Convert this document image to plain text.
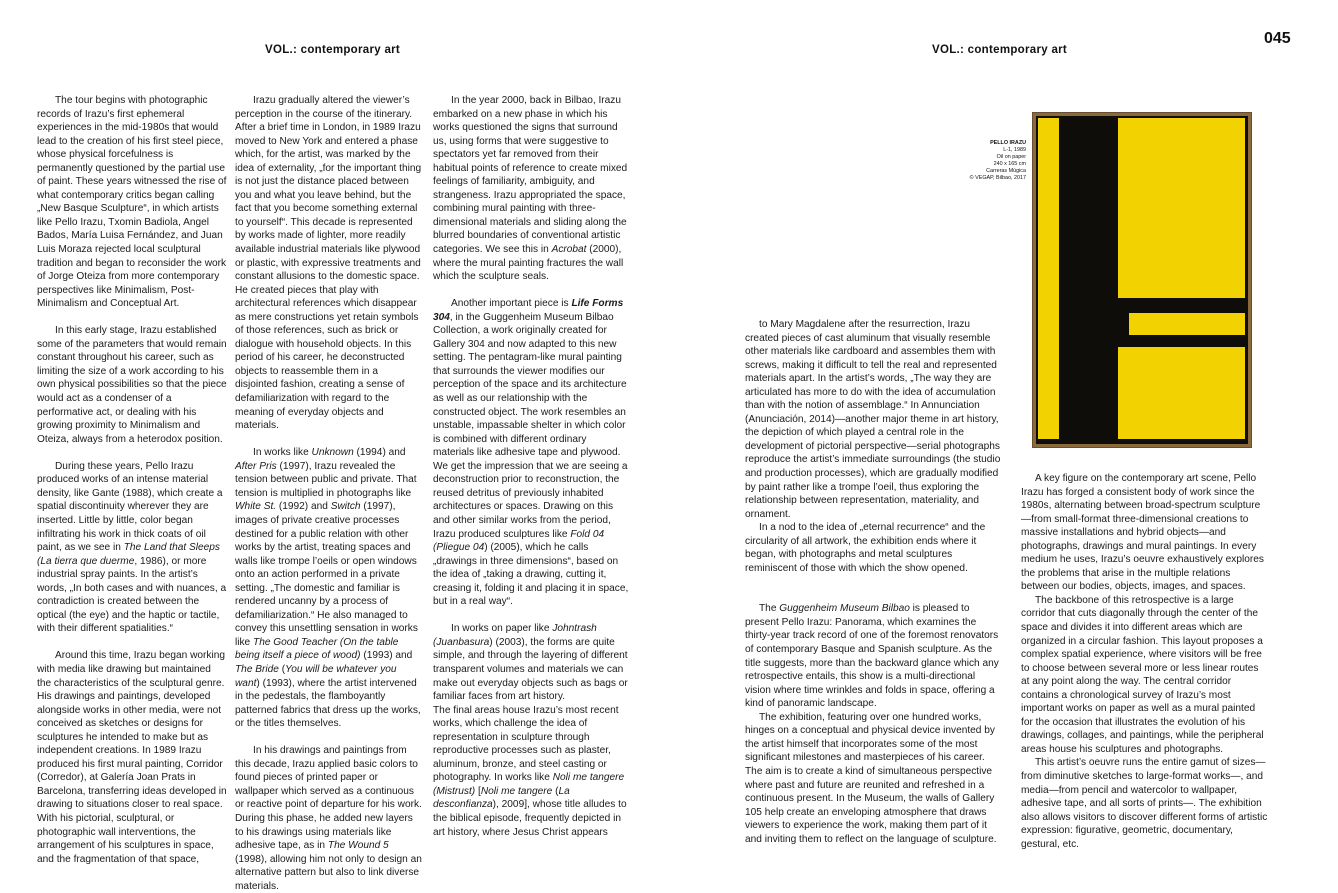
VOL.: contemporary art	VOL.: contemporary art
045

The tour begins with photographic records of Irazu’s first ephemeral experiences in the mid-1980s that would lead to the creation of his first steel piece, whose physical forcefulness is permanently questioned by the partial use of paint. These years witnessed the rise of what contemporary critics began calling „New Basque Sculpture“, in which artists like Pello Irazu, Txomin Badiola, Angel Bados, María Luisa Fernández, and Juan Luis Moraza rejected local sculptural tradition and began to reconsider the work of Jorge Oteiza from more contemporary perspectives like Minimalism, Post- Minimalism and Conceptual Art.

In this early stage, Irazu established some of the parameters that would remain constant throughout his career, such as limiting the size of a work according to his own physical possibilities so that the piece would act as a condenser of a performative act, or dealing with his growing proximity to Minimalism and Oteiza, always from a heterodox position.

During these years, Pello Irazu produced works of an intense material density, like Gante (1988), which create a spatial discontinuity wherever they are inserted. Little by little, color began infiltrating his work in thick coats of oil paint, as we see in The Land that Sleeps (La tierra que duerme, 1986), or more industrial spray paints. In the artist’s words, „In both cases and with nuances, a contradiction is created between the optical (the eye) and the haptic or tactile, with their different spatialities.“

Around this time, Irazu began working with media like drawing but maintained the characteristics of the sculptural genre. His drawings and paintings, developed alongside works in other media, were not conceived as sketches or designs for sculptures he intended to make but as independent creations. In 1989 Irazu produced his first mural painting, Corridor (Corredor), at Galería Joan Prats in Barcelona, transferring ideas developed in drawing to situations closer to real space. With his pictorial, sculptural, or photographic wall interventions, the arrangement of his sculptures in space, and the fragmentation of that space,

Irazu gradually altered the viewer’s perception in the course of the itinerary. After a brief time in London, in 1989 Irazu moved to New York and entered a phase which, for the artist, was marked by the idea of externality, „for the important thing is not just the distance placed between you and what you leave behind, but the fact that you become something external to yourself“. This decade is represented by works made of lighter, more readily available industrial materials like plywood or plastic, with expressive treatments and constant allusions to the domestic space. He created pieces that play with architectural references which disappear as mere constructions yet retain symbols of those references, such as brick or dialogue with household objects. In this period of his career, he deconstructed objects to reassemble them in a disjointed fashion, creating a sense of defamiliarization with regard to the meaning of everyday objects and materials.

In works like Unknown (1994) and After Pris (1997), Irazu revealed the tension between public and private. That tension is multiplied in photographs like White St. (1992) and Switch (1997), images of private creative processes destined for a public relation with other works by the artist, treating spaces and walls like trompe l’oeils or open windows onto an action performed in a private setting. „The domestic and familiar is rendered uncanny by a process of defamiliarization.“ He also managed to convey this unsettling sensation in works like The Good Teacher (On the table being itself a piece of wood) (1993) and The Bride (You will be whatever you want) (1993), where the artist intervened in the pedestals, the flamboyantly patterned fabrics that dress up the works, or the titles themselves.

In his drawings and paintings from this decade, Irazu applied basic colors to found pieces of printed paper or wallpaper which served as a continuous or reactive point of departure for his work. During this phase, he added new layers to his drawings using materials like adhesive tape, as in The Wound 5 (1998), allowing him not only to design an alternative pattern but also to link diverse materials.

In the year 2000, back in Bilbao, Irazu embarked on a new phase in which his works questioned the signs that surround us, using forms that were suggestive to spectators yet far removed from their habitual points of reference to create mixed feelings of familiarity, ambiguity, and strangeness. Irazu appropriated the space, combining mural painting with three-dimensional materials and sliding along the blurred boundaries of conventional artistic categories. We see this in Acrobat (2000), where the mural painting fractures the wall which the sculpture seals.

Another important piece is Life Forms 304, in the Guggenheim Museum Bilbao Collection, a work originally created for Gallery 304 and now adapted to this new setting. The pentagram-like mural painting that surrounds the viewer modifies our perception of the space and its architecture as well as our relationship with the constructed object. The work resembles an unstable, impassable shelter in which color is combined with different ordinary materials like adhesive tape and plywood. We get the impression that we are seeing a deconstruction prior to reconstruction, the reused detritus of previously inhabited architectures or spaces. Drawing on this and other similar works from the period, Irazu produced sculptures like Fold 04 (Pliegue 04) (2005), which he calls „drawings in three dimensions“, based on the idea of „taking a drawing, cutting it, creasing it, folding it and placing it in space, but in a real way“.

In works on paper like Johntrash (Juanbasura) (2003), the forms are quite simple, and through the layering of different transparent volumes and materials we can make out everyday objects such as bags or familiar faces from art history.

The final areas house Irazu’s most recent works, which challenge the idea of representation in sculpture through reproductive processes such as plaster, aluminum, bronze, and steel casting or photography. In works like Noli me tangere (Mistrust) [Noli me tangere (La desconfianza), 2009], whose title alludes to the biblical episode, frequently depicted in art history, where Jesus Christ appears

PELLO IRAZU
L-1, 1989
Oil on paper
240 x 165 cm
Carreras Múgica
© VEGAP, Bilbao, 2017

to Mary Magdalene after the resurrection, Irazu created pieces of cast aluminum that visually resemble other materials like cardboard and assembles them with screws, making it difficult to tell the real and represented materials apart. In the artist’s words, „The way they are articulated has more to do with the idea of accumulation than with the notion of assemblage.“ In Annunciation (Anunciación, 2014)—another major theme in art history, the depiction of which played a central role in the development of pictorial perspective—serial photographs reproduce the artist’s immediate surroundings (the studio and production processes), which are gradually modified by paint rather like a trompe l’oeil, thus exploring the relationship between representation, materiality, and ornament.

In a nod to the idea of „eternal recurrence“ and the circularity of all artwork, the exhibition ends where it began, with photographs and metal sculptures reminiscent of those with which the show opened.

The Guggenheim Museum Bilbao is pleased to present Pello Irazu: Panorama, which examines the thirty-year track record of one of the foremost renovators of contemporary Basque and Spanish sculpture. As the title suggests, more than the backward glance which any retrospective entails, this show is a multi-directional vision where time wrinkles and folds in space, offering a kind of panoramic landscape.

The exhibition, featuring over one hundred works, hinges on a conceptual and physical device invented by the artist himself that incorporates some of the most significant milestones and masterpieces of his career. The aim is to create a kind of simultaneous perspective where past and future are reunited and refreshed in a continuous present. In the Museum, the walls of Gallery 105 help create an enveloping atmosphere that draws viewers to experience the work, making them part of it and inviting them to reflect on the language of sculpture.

A key figure on the contemporary art scene, Pello Irazu has forged a consistent body of work since the 1980s, alternating between broad-spectrum sculpture—from small-format three-dimensional creations to massive installations and hybrid objects—and photographs, drawings and mural paintings. In every medium he uses, Irazu’s oeuvre exhaustively explores the problems that arise in the multiple relations between our bodies, objects, images, and spaces.

The backbone of this retrospective is a large corridor that cuts diagonally through the center of the space and divides it into different areas which are organized in a circular fashion. This layout proposes a complex spatial experience, where visitors will be free to choose between several more or less linear routes at any point along the way. The central corridor contains a chronological survey of Irazu’s most important works on paper as well as a mural painted for the occasion that illustrates the evolution of his drawings, collages, and paintings, while the peripheral areas house his sculptures and photographs.

This artist’s oeuvre runs the entire gamut of sizes—from diminutive sketches to large-format works—, and media—from pencil and watercolor to wallpaper, adhesive tape, and all sorts of prints—. The exhibition also allows visitors to discover different forms of artistic expression: figurative, geometric, documentary, gestural, etc.
